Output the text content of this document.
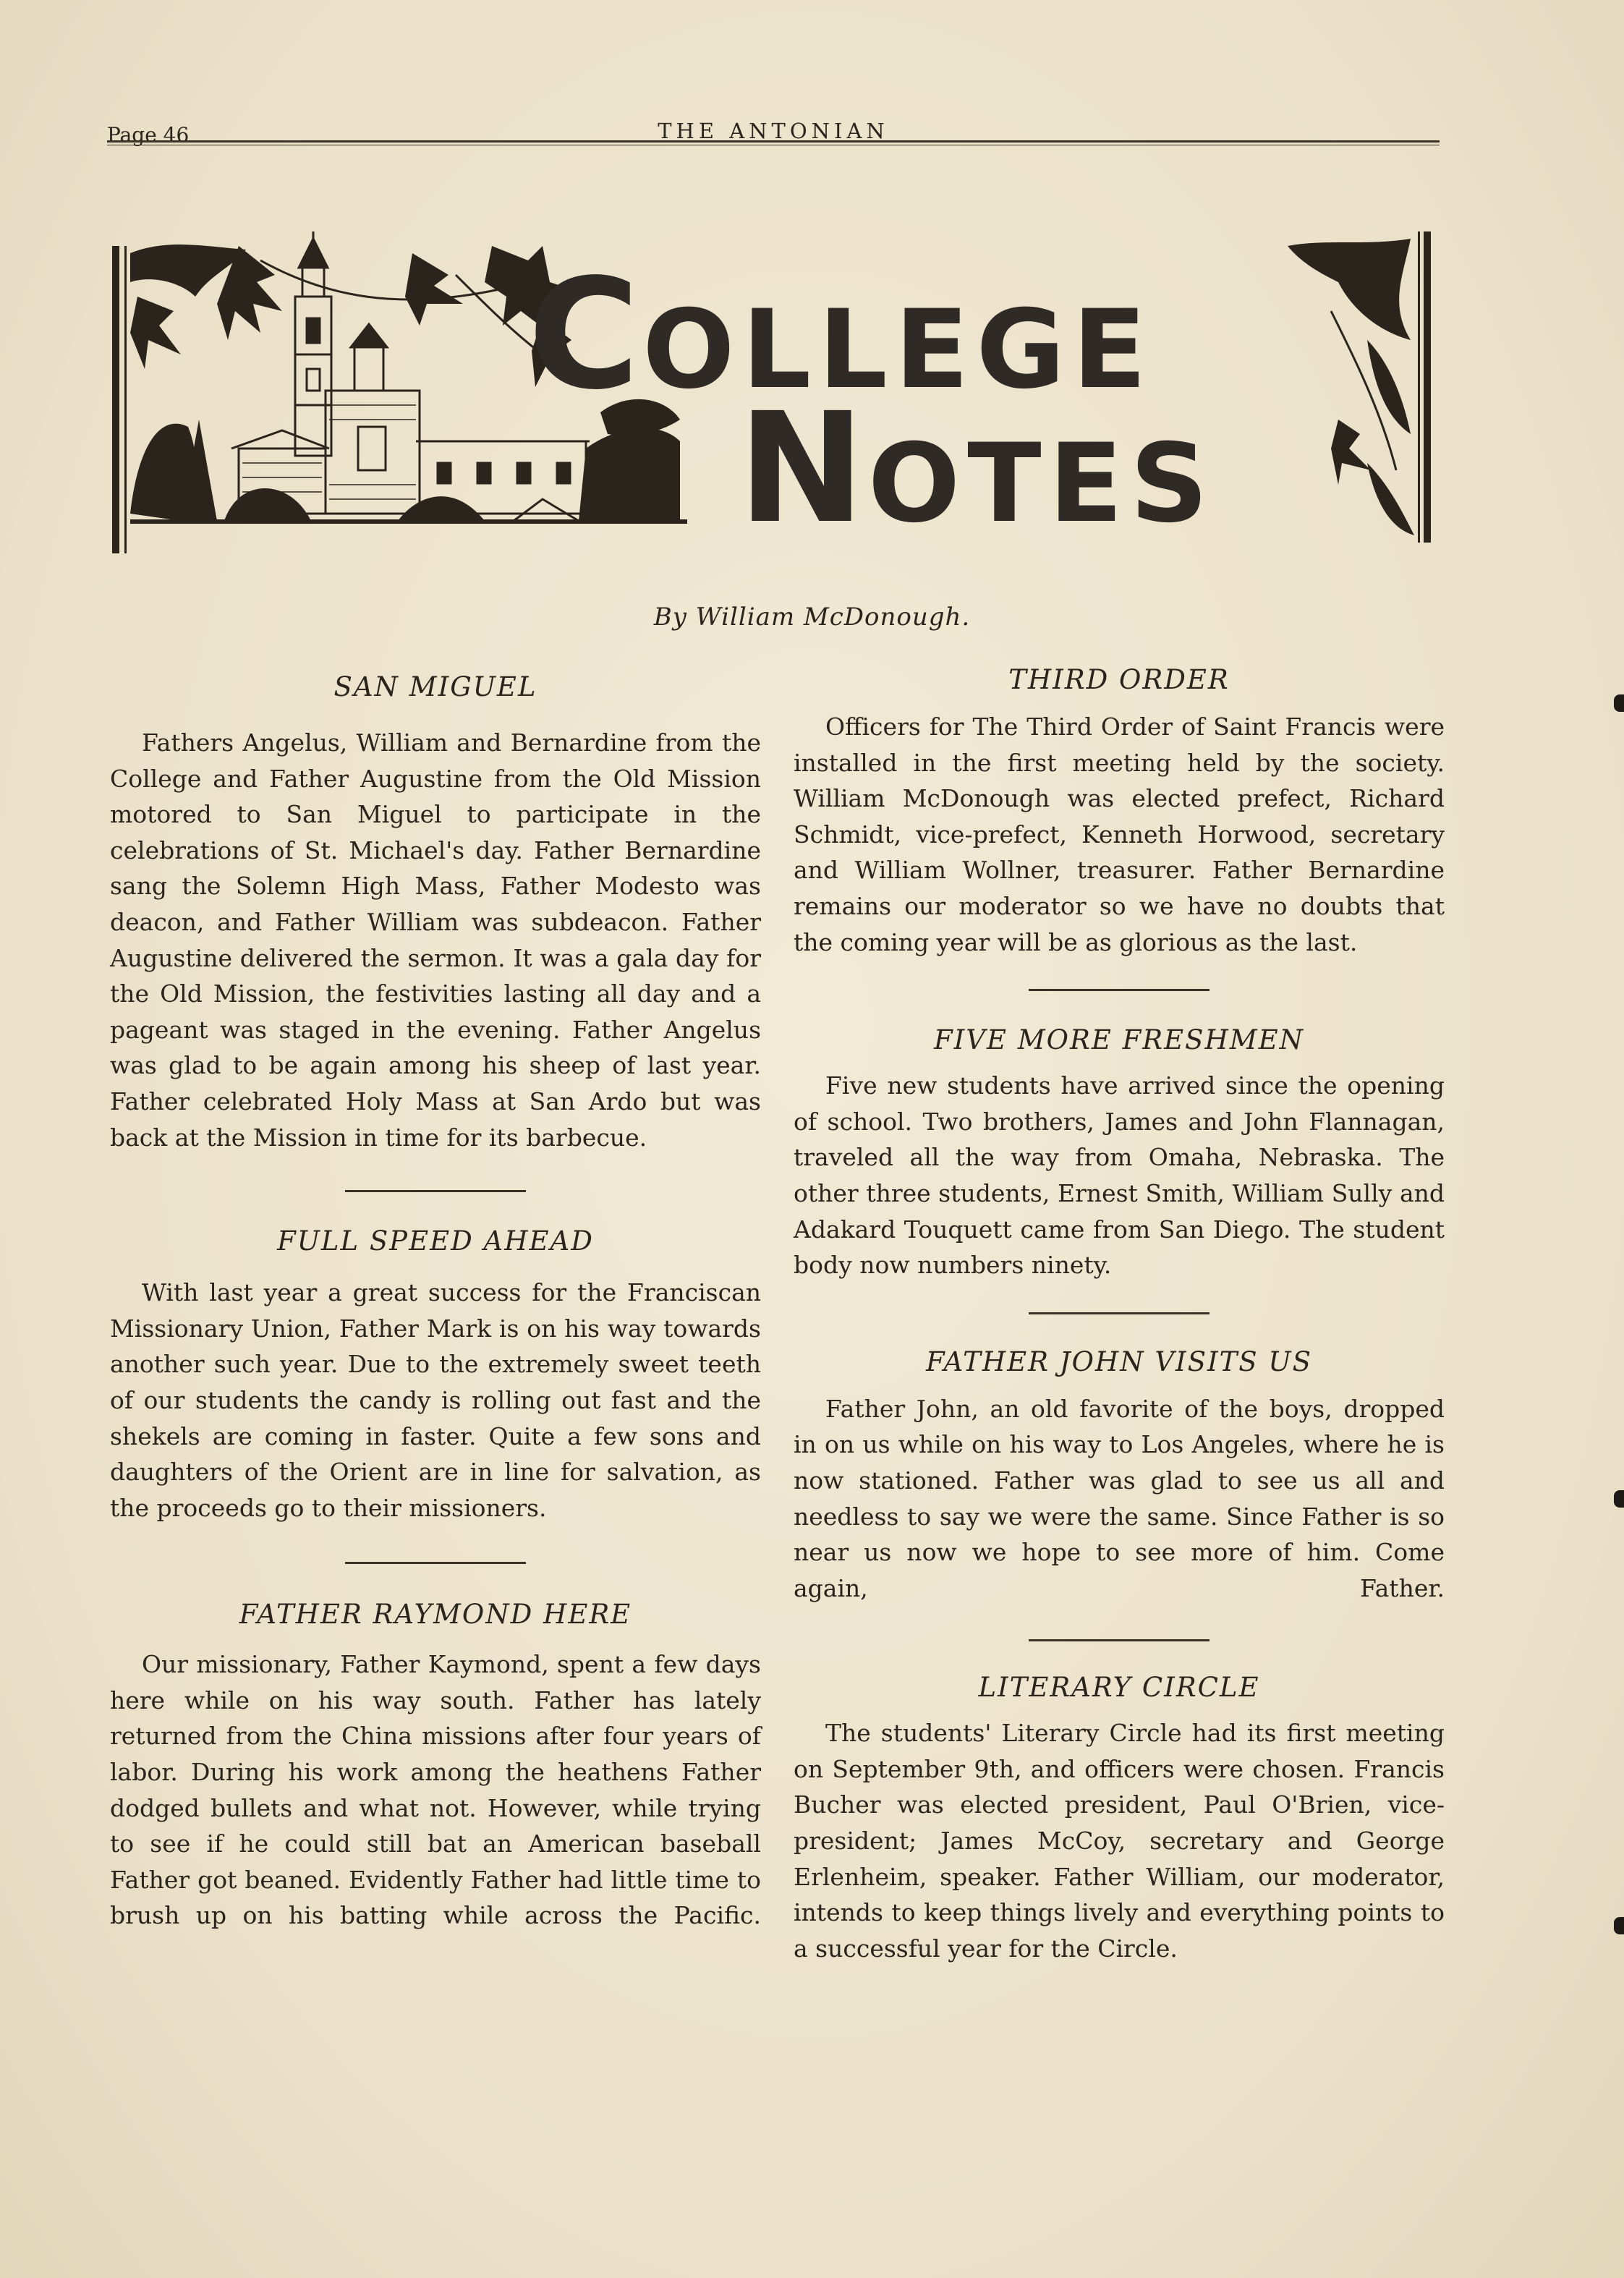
Page 46	THE ANTONIAN
COLLEGE
NOTES
By William McDonough.
SAN MIGUEL

Fathers Angelus, William and Bernardine from the College and Father Augustine from the Old Mission motored to San Miguel to participate in the celebrations of St. Michael's day. Father Bernardine sang the Solemn High Mass, Father Modesto was deacon, and Father William was subdeacon. Father Augustine delivered the sermon. It was a gala day for the Old Mission, the festivities lasting all day and a pageant was staged in the evening. Father Angelus was glad to be again among his sheep of last year. Father celebrated Holy Mass at San Ardo but was back at the Mission in time for its barbecue.

FULL SPEED AHEAD

With last year a great success for the Franciscan Missionary Union, Father Mark is on his way towards another such year. Due to the extremely sweet teeth of our students the candy is rolling out fast and the shekels are coming in faster. Quite a few sons and daughters of the Orient are in line for salvation, as the proceeds go to their missioners.

FATHER RAYMOND HERE

Our missionary, Father Kaymond, spent a few days here while on his way south. Father has lately returned from the China missions after four years of labor. During his work among the heathens Father dodged bullets and what not. However, while trying to see if he could still bat an American baseball Father got beaned. Evidently Father had little time to brush up on his batting while across the Pacific.

THIRD ORDER

Officers for The Third Order of Saint Francis were installed in the first meeting held by the society. William McDonough was elected prefect, Richard Schmidt, vice-prefect, Kenneth Horwood, secretary and William Wollner, treasurer. Father Bernardine remains our moderator so we have no doubts that the coming year will be as glorious as the last.

FIVE MORE FRESHMEN

Five new students have arrived since the opening of school. Two brothers, James and John Flannagan, traveled all the way from Omaha, Nebraska. The other three students, Ernest Smith, William Sully and Adakard Touquett came from San Diego. The student body now numbers ninety.

FATHER JOHN VISITS US

Father John, an old favorite of the boys, dropped in on us while on his way to Los Angeles, where he is now stationed. Father was glad to see us all and needless to say we were the same. Since Father is so near us now we hope to see more of him. Come again, Father.

LITERARY CIRCLE

The students' Literary Circle had its first meeting on September 9th, and officers were chosen. Francis Bucher was elected president, Paul O'Brien, vice-president; James McCoy, secretary and George Erlenheim, speaker. Father William, our moderator, intends to keep things lively and everything points to a successful year for the Circle.
